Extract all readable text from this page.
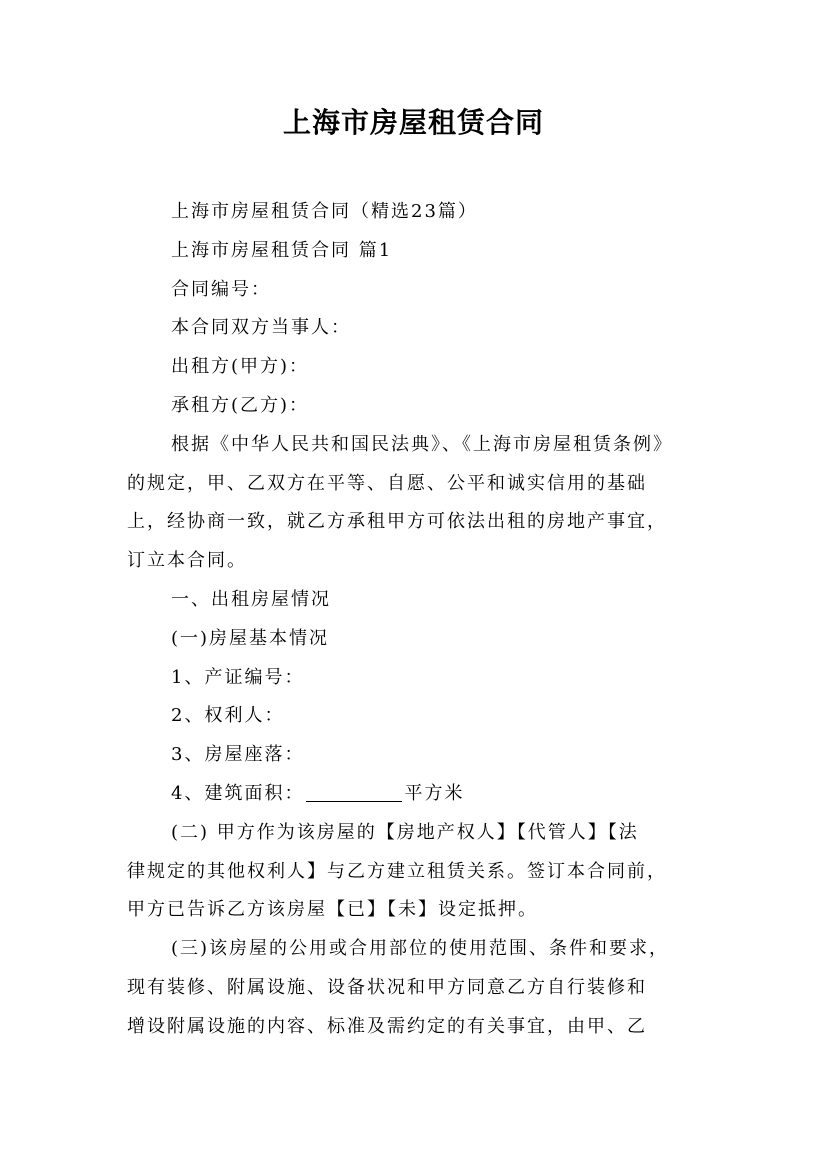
上海市房屋租赁合同
上海市房屋租赁合同（精选23篇）
上海市房屋租赁合同 篇1
合同编号：
本合同双方当事人：
出租方(甲方)：
承租方(乙方)：
根据《中华人民共和国民法典》、《上海市房屋租赁条例》
的规定，甲、乙双方在平等、自愿、公平和诚实信用的基础
上，经协商一致，就乙方承租甲方可依法出租的房地产事宜，
订立本合同。
一、出租房屋情况
(一)房屋基本情况
1、产证编号：
2、权利人：
3、房屋座落：
4、建筑面积：	平方米
(二) 甲方作为该房屋的【房地产权人】【代管人】【法
律规定的其他权利人】与乙方建立租赁关系。签订本合同前，
甲方已告诉乙方该房屋【已】【未】设定抵押。
(三)该房屋的公用或合用部位的使用范围、条件和要求，
现有装修、附属设施、设备状况和甲方同意乙方自行装修和
增设附属设施的内容、标准及需约定的有关事宜，由甲、乙
